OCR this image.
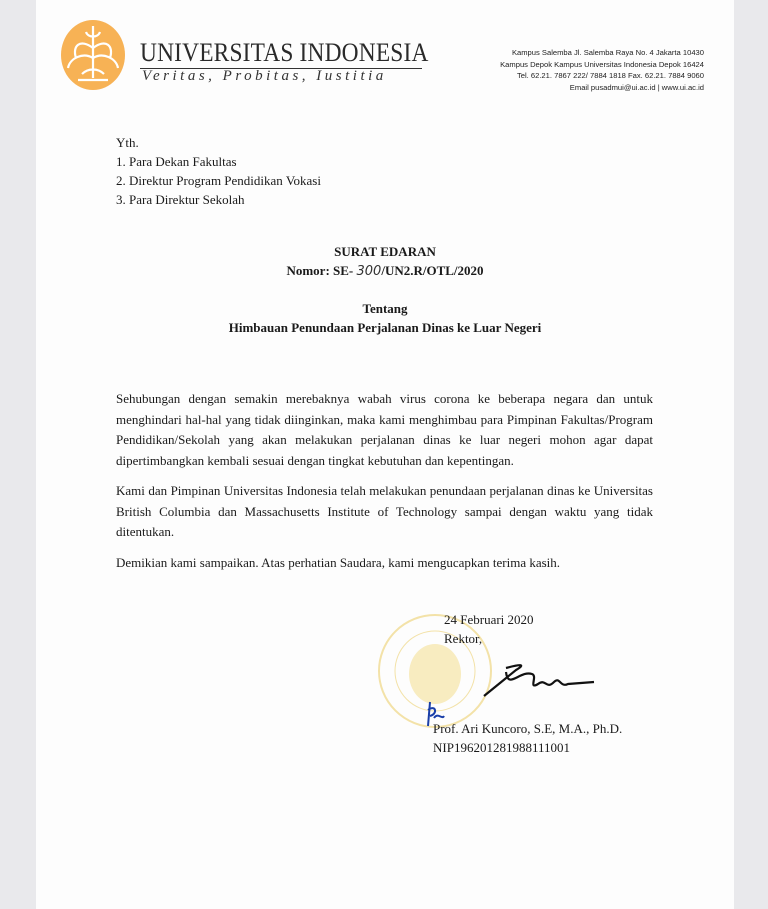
UNIVERSITAS INDONESIA
Veritas, Probitas, Iustitia
Kampus Salemba Jl. Salemba Raya No. 4 Jakarta 10430
Kampus Depok Kampus Universitas Indonesia Depok 16424
Tel. 62.21. 7867 222/ 7884 1818 Fax. 62.21. 7884 9060
Email pusadmui@ui.ac.id | www.ui.ac.id
Yth.
1. Para Dekan Fakultas
2. Direktur Program Pendidikan Vokasi
3. Para Direktur Sekolah
SURAT EDARAN
Nomor: SE- 300/UN2.R/OTL/2020
Tentang
Himbauan Penundaan Perjalanan Dinas ke Luar Negeri
Sehubungan dengan semakin merebaknya wabah virus corona ke beberapa negara dan untuk menghindari hal-hal yang tidak diinginkan, maka kami menghimbau para Pimpinan Fakultas/Program Pendidikan/Sekolah yang akan melakukan perjalanan dinas ke luar negeri mohon agar dapat dipertimbangkan kembali sesuai dengan tingkat kebutuhan dan kepentingan.
Kami dan Pimpinan Universitas Indonesia telah melakukan penundaan perjalanan dinas ke Universitas British Columbia dan Massachusetts Institute of Technology sampai dengan waktu yang tidak ditentukan.
Demikian kami sampaikan. Atas perhatian Saudara, kami mengucapkan terima kasih.
24 Februari 2020
Rektor,
Prof. Ari Kuncoro, S.E, M.A., Ph.D.
NIP196201281988111001
